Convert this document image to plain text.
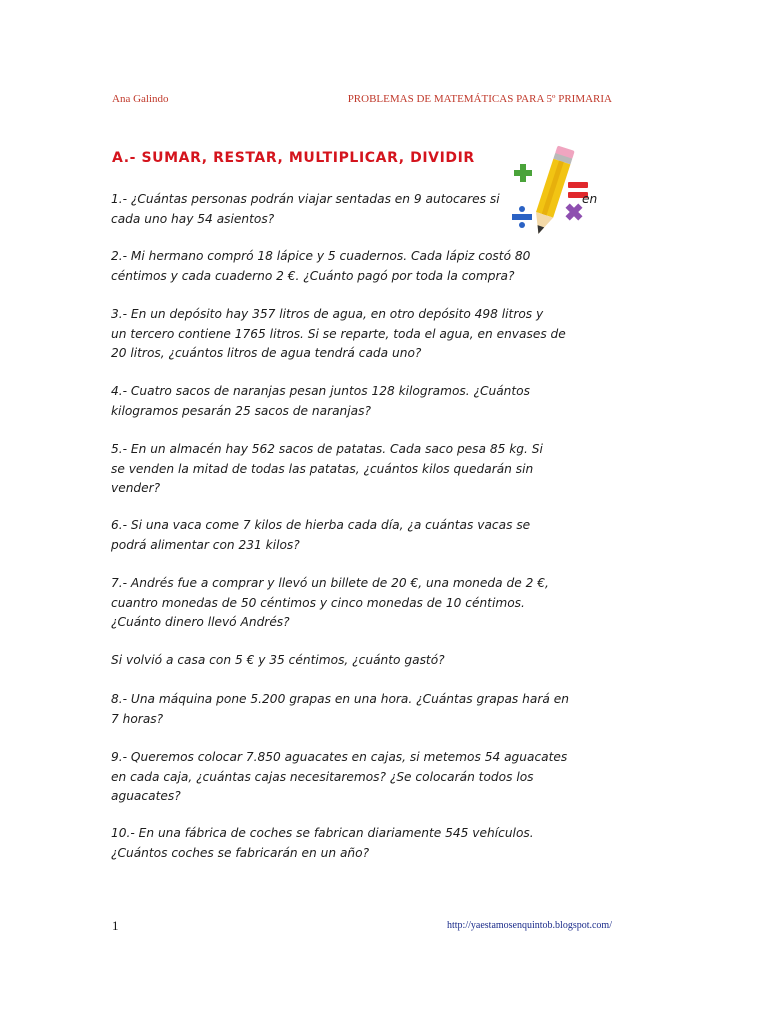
Ana Galindo	PROBLEMAS DE MATEMÁTICAS PARA 5º PRIMARIA
A.- SUMAR, RESTAR, MULTIPLICAR, DIVIDIR

1.- ¿Cuántas personas podrán viajar sentadas en 9 autocares si	en

cada uno hay 54 asientos?

2.- Mi hermano compró 18 lápice y 5 cuadernos. Cada lápiz costó 80

céntimos y cada cuaderno 2 €. ¿Cuánto pagó por toda la compra?

3.- En un depósito hay 357 litros de agua, en otro depósito 498 litros y

un tercero contiene 1765 litros. Si se reparte, toda el agua, en envases de

20 litros, ¿cuántos litros de agua tendrá cada uno?

4.- Cuatro sacos de naranjas pesan juntos 128 kilogramos. ¿Cuántos

kilogramos pesarán 25 sacos de naranjas?

5.- En un almacén hay 562 sacos de patatas. Cada saco pesa 85 kg. Si

se venden la mitad de todas las patatas, ¿cuántos kilos quedarán sin

vender?

6.- Si una vaca come 7 kilos de hierba cada día, ¿a cuántas vacas se

podrá alimentar con 231 kilos?

7.- Andrés fue a comprar y llevó un billete de 20 €, una moneda de 2 €,

cuantro monedas de 50 céntimos y cinco monedas de 10 céntimos.

¿Cuánto dinero llevó Andrés?

Si volvió a casa con 5 € y 35 céntimos, ¿cuánto gastó?

8.- Una máquina pone 5.200 grapas en una hora. ¿Cuántas grapas hará en

7 horas?

9.- Queremos colocar 7.850 aguacates en cajas, si metemos 54 aguacates

en cada caja, ¿cuántas cajas necesitaremos? ¿Se colocarán todos los

aguacates?

10.- En una fábrica de coches se fabrican diariamente 545 vehículos.

¿Cuántos coches se fabricarán en un año?

1	http://yaestamosenquintob.blogspot.com/
